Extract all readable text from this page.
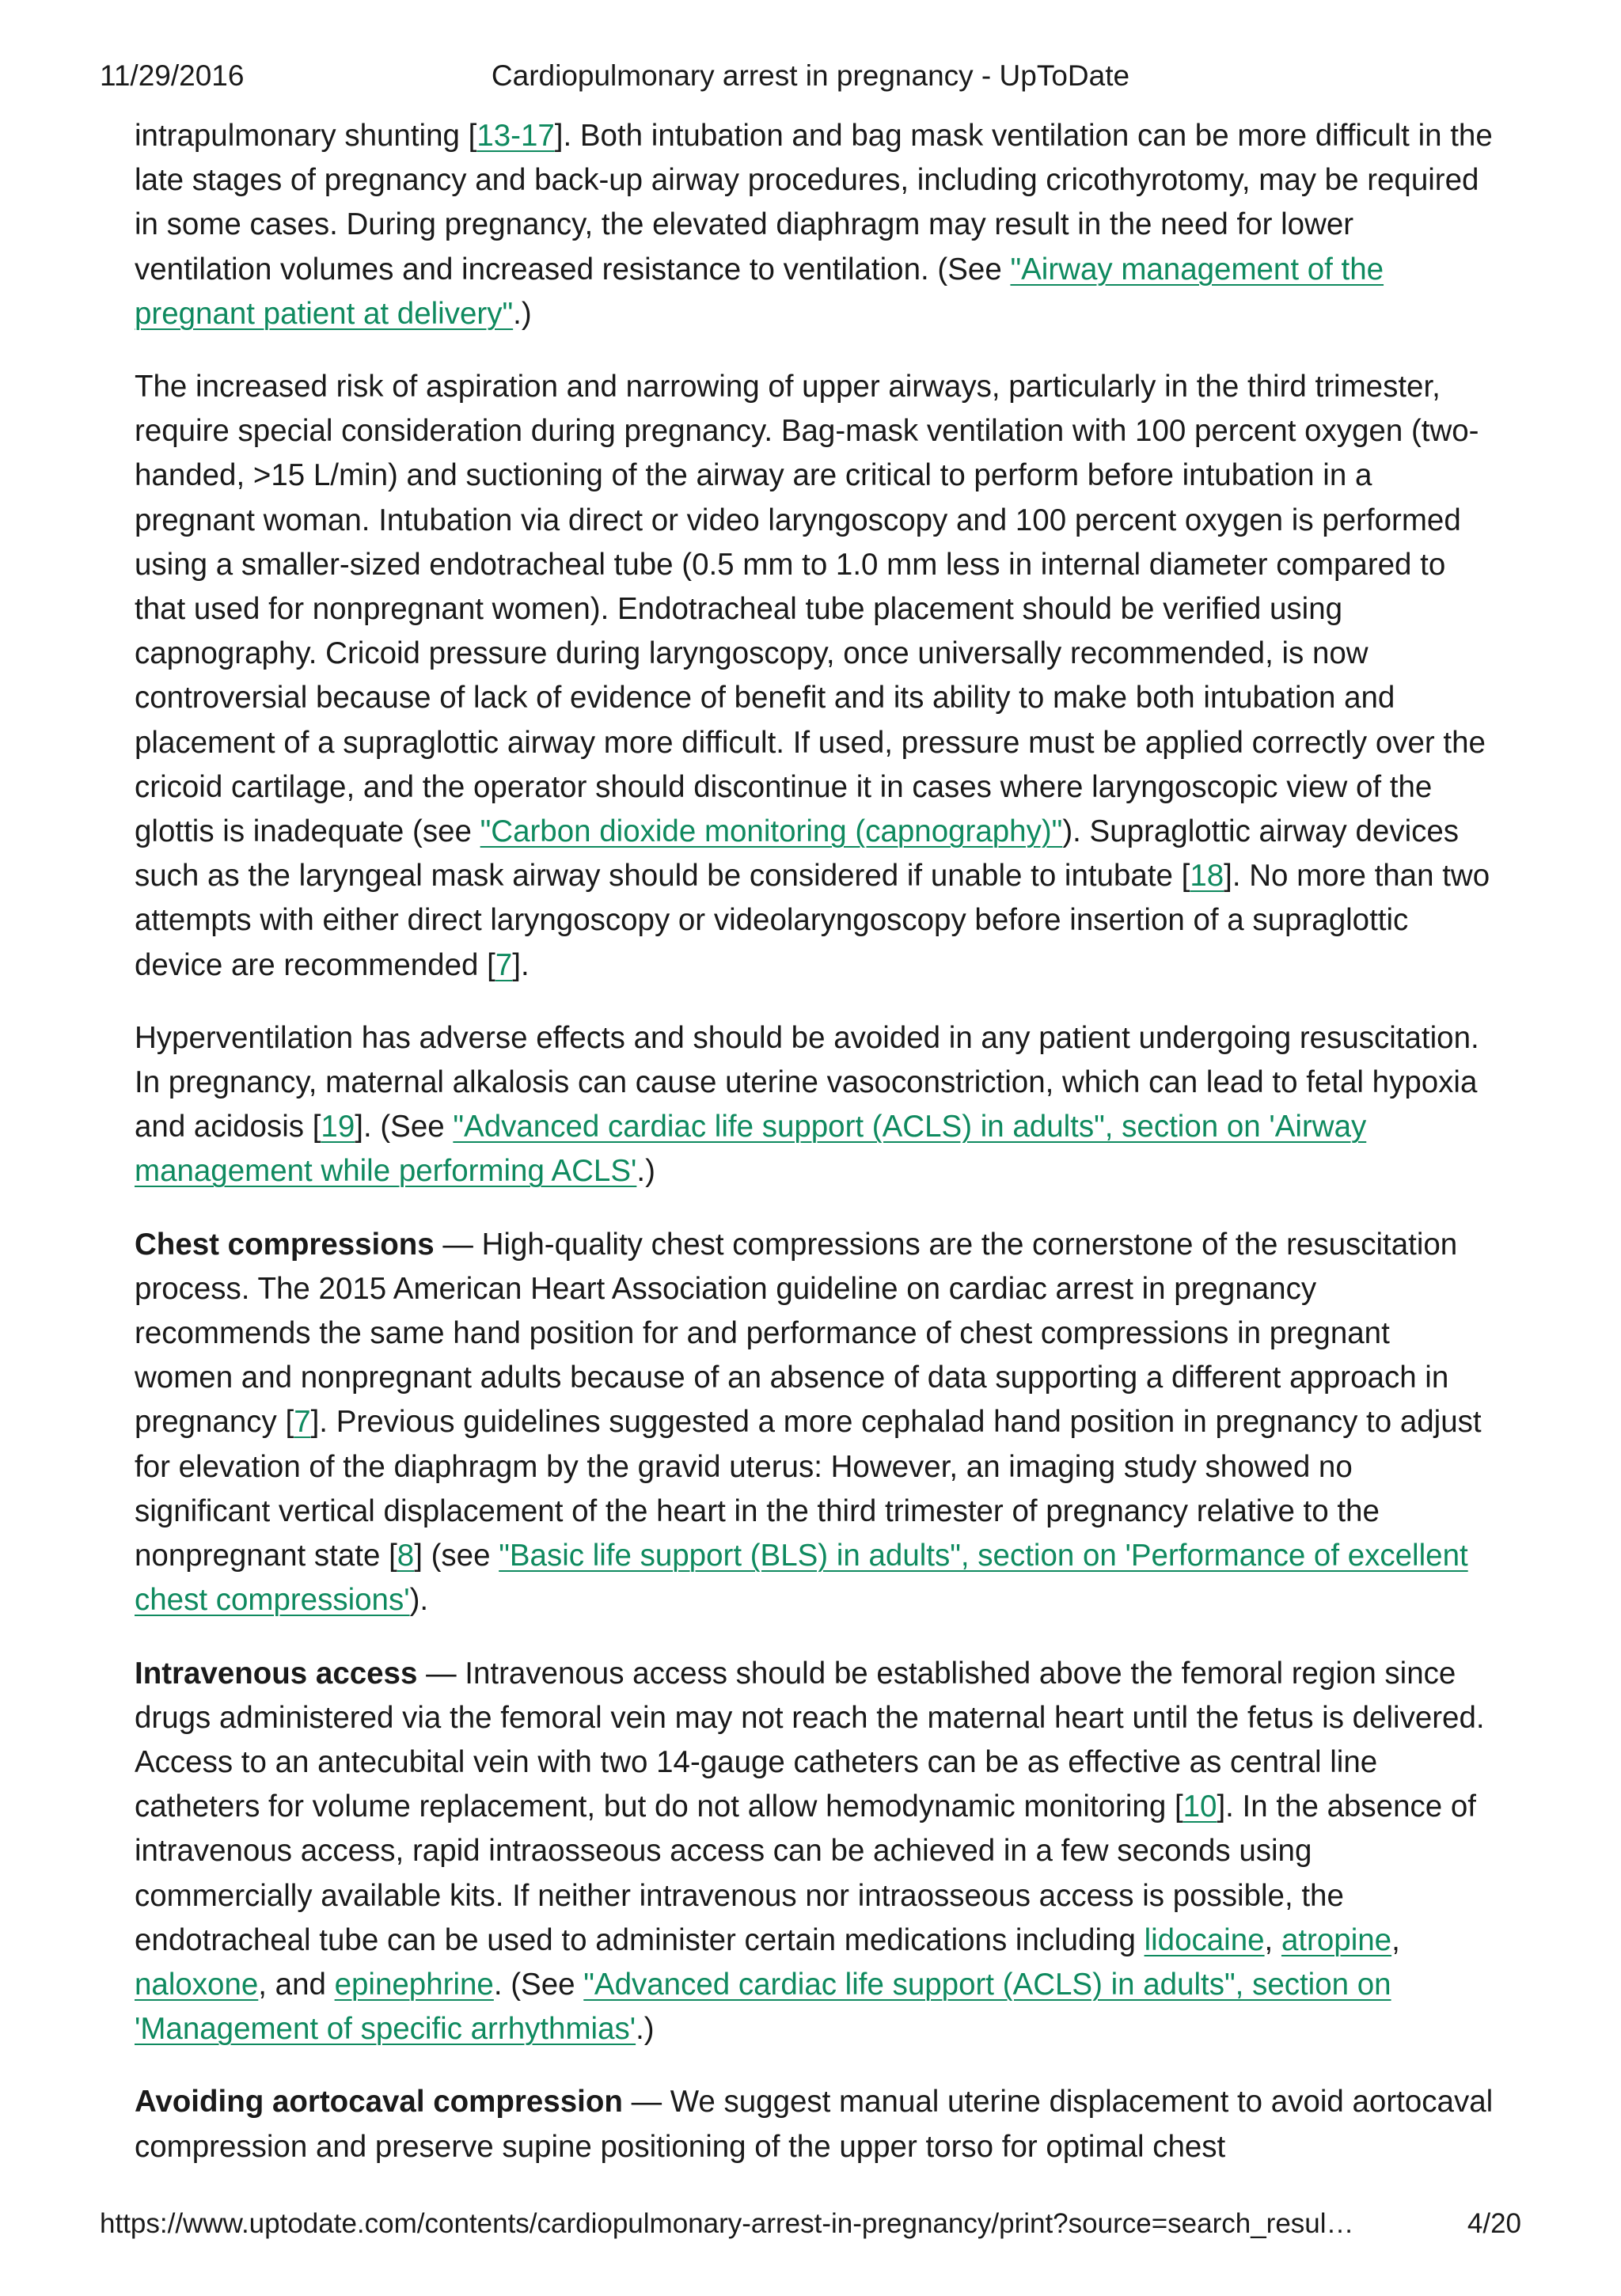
11/29/2016	Cardiopulmonary arrest in pregnancy - UpToDate

intrapulmonary shunting [13-17]. Both intubation and bag mask ventilation can be more difficult in the late stages of pregnancy and back-up airway procedures, including cricothyrotomy, may be required in some cases. During pregnancy, the elevated diaphragm may result in the need for lower ventilation volumes and increased resistance to ventilation. (See "Airway management of the pregnant patient at delivery".)

The increased risk of aspiration and narrowing of upper airways, particularly in the third trimester, require special consideration during pregnancy. Bag-mask ventilation with 100 percent oxygen (two-handed, >15 L/min) and suctioning of the airway are critical to perform before intubation in a pregnant woman. Intubation via direct or video laryngoscopy and 100 percent oxygen is performed using a smaller-sized endotracheal tube (0.5 mm to 1.0 mm less in internal diameter compared to that used for nonpregnant women). Endotracheal tube placement should be verified using capnography. Cricoid pressure during laryngoscopy, once universally recommended, is now controversial because of lack of evidence of benefit and its ability to make both intubation and placement of a supraglottic airway more difficult. If used, pressure must be applied correctly over the cricoid cartilage, and the operator should discontinue it in cases where laryngoscopic view of the glottis is inadequate (see "Carbon dioxide monitoring (capnography)"). Supraglottic airway devices such as the laryngeal mask airway should be considered if unable to intubate [18]. No more than two attempts with either direct laryngoscopy or videolaryngoscopy before insertion of a supraglottic device are recommended [7].

Hyperventilation has adverse effects and should be avoided in any patient undergoing resuscitation. In pregnancy, maternal alkalosis can cause uterine vasoconstriction, which can lead to fetal hypoxia and acidosis [19]. (See "Advanced cardiac life support (ACLS) in adults", section on 'Airway management while performing ACLS'.)

Chest compressions — High-quality chest compressions are the cornerstone of the resuscitation process. The 2015 American Heart Association guideline on cardiac arrest in pregnancy recommends the same hand position for and performance of chest compressions in pregnant women and nonpregnant adults because of an absence of data supporting a different approach in pregnancy [7]. Previous guidelines suggested a more cephalad hand position in pregnancy to adjust for elevation of the diaphragm by the gravid uterus: However, an imaging study showed no significant vertical displacement of the heart in the third trimester of pregnancy relative to the nonpregnant state [8] (see "Basic life support (BLS) in adults", section on 'Performance of excellent chest compressions').

Intravenous access — Intravenous access should be established above the femoral region since drugs administered via the femoral vein may not reach the maternal heart until the fetus is delivered. Access to an antecubital vein with two 14-gauge catheters can be as effective as central line catheters for volume replacement, but do not allow hemodynamic monitoring [10]. In the absence of intravenous access, rapid intraosseous access can be achieved in a few seconds using commercially available kits. If neither intravenous nor intraosseous access is possible, the endotracheal tube can be used to administer certain medications including lidocaine, atropine, naloxone, and epinephrine. (See "Advanced cardiac life support (ACLS) in adults", section on 'Management of specific arrhythmias'.)

Avoiding aortocaval compression — We suggest manual uterine displacement to avoid aortocaval compression and preserve supine positioning of the upper torso for optimal chest

https://www.uptodate.com/contents/cardiopulmonary-arrest-in-pregnancy/print?source=search_resul…	4/20
